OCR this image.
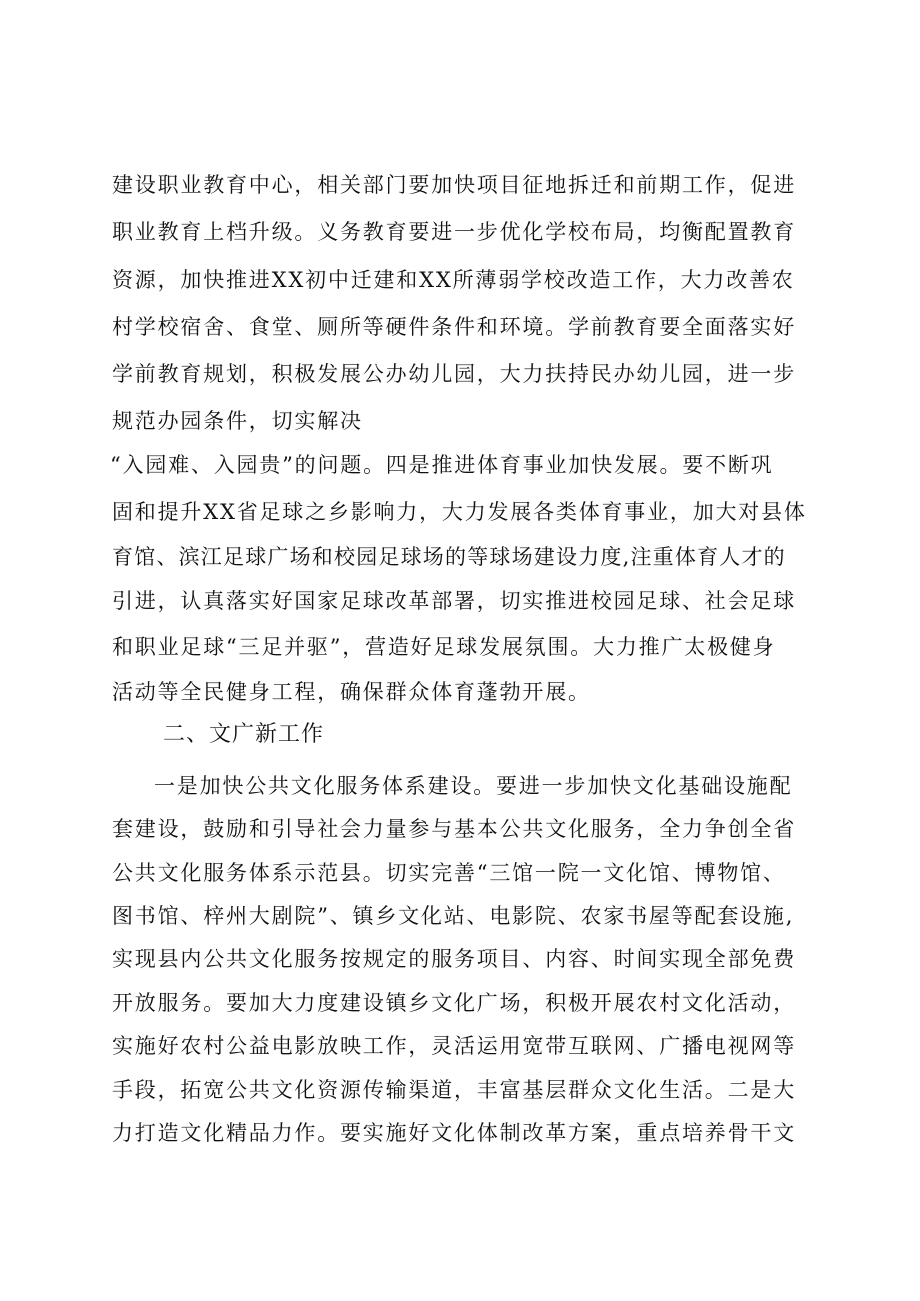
建设职业教育中心，相关部门要加快项目征地拆迁和前期工作，促进
职业教育上档升级。义务教育要进一步优化学校布局，均衡配置教育
资源，加快推进XX初中迁建和XX所薄弱学校改造工作，大力改善农
村学校宿舍、食堂、厕所等硬件条件和环境。学前教育要全面落实好
学前教育规划，积极发展公办幼儿园，大力扶持民办幼儿园，进一步
规范办园条件，切实解决
“入园难、入园贵”的问题。四是推进体育事业加快发展。要不断巩
固和提升XX省足球之乡影响力，大力发展各类体育事业，加大对县体
育馆、滨江足球广场和校园足球场的等球场建设力度,注重体育人才的
引进，认真落实好国家足球改革部署，切实推进校园足球、社会足球
和职业足球“三足并驱”，营造好足球发展氛围。大力推广太极健身
活动等全民健身工程，确保群众体育蓬勃开展。
二、文广新工作
一是加快公共文化服务体系建设。要进一步加快文化基础设施配
套建设，鼓励和引导社会力量参与基本公共文化服务，全力争创全省
公共文化服务体系示范县。切实完善“三馆一院一文化馆、博物馆、
图书馆、梓州大剧院”、镇乡文化站、电影院、农家书屋等配套设施,
实现县内公共文化服务按规定的服务项目、内容、时间实现全部免费
开放服务。要加大力度建设镇乡文化广场，积极开展农村文化活动，
实施好农村公益电影放映工作，灵活运用宽带互联网、广播电视网等
手段，拓宽公共文化资源传输渠道，丰富基层群众文化生活。二是大
力打造文化精品力作。要实施好文化体制改革方案，重点培养骨干文
